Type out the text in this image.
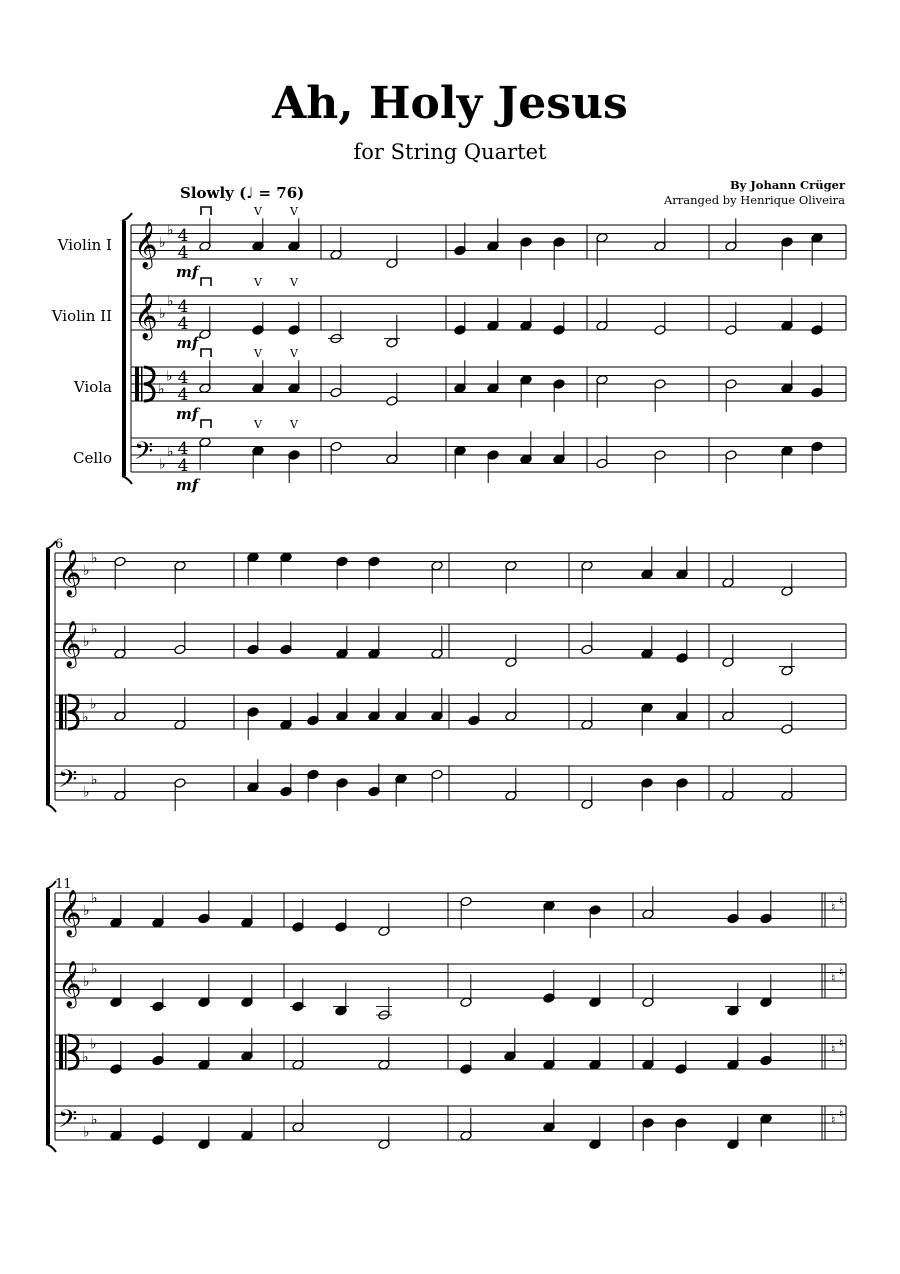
Ah, Holy Jesus
for String Quartet
By Johann Crüger
Arranged by Henrique Oliveira
Slowly (♩ = 76)
Violin I
Violin II
Viola
Cello
𝄞 ♭
♭ 4
4
mf
𝄞 ♭
♭ 4
4
mf
♭
♭ 4
4
mf
𝄢 ♭
♭ 4
4
mf
𝄞 ♭
♭
𝄞 ♭
♭
♭
♭
𝄢 ♭
♭
𝄞 ♭
♭
𝄞 ♭
♭
♭
♭
𝄢 ♭
♭
♮ ♮
♮ ♮
♮ ♮
♮ ♮
V	V
V	V
V	V
V	V
6
11
